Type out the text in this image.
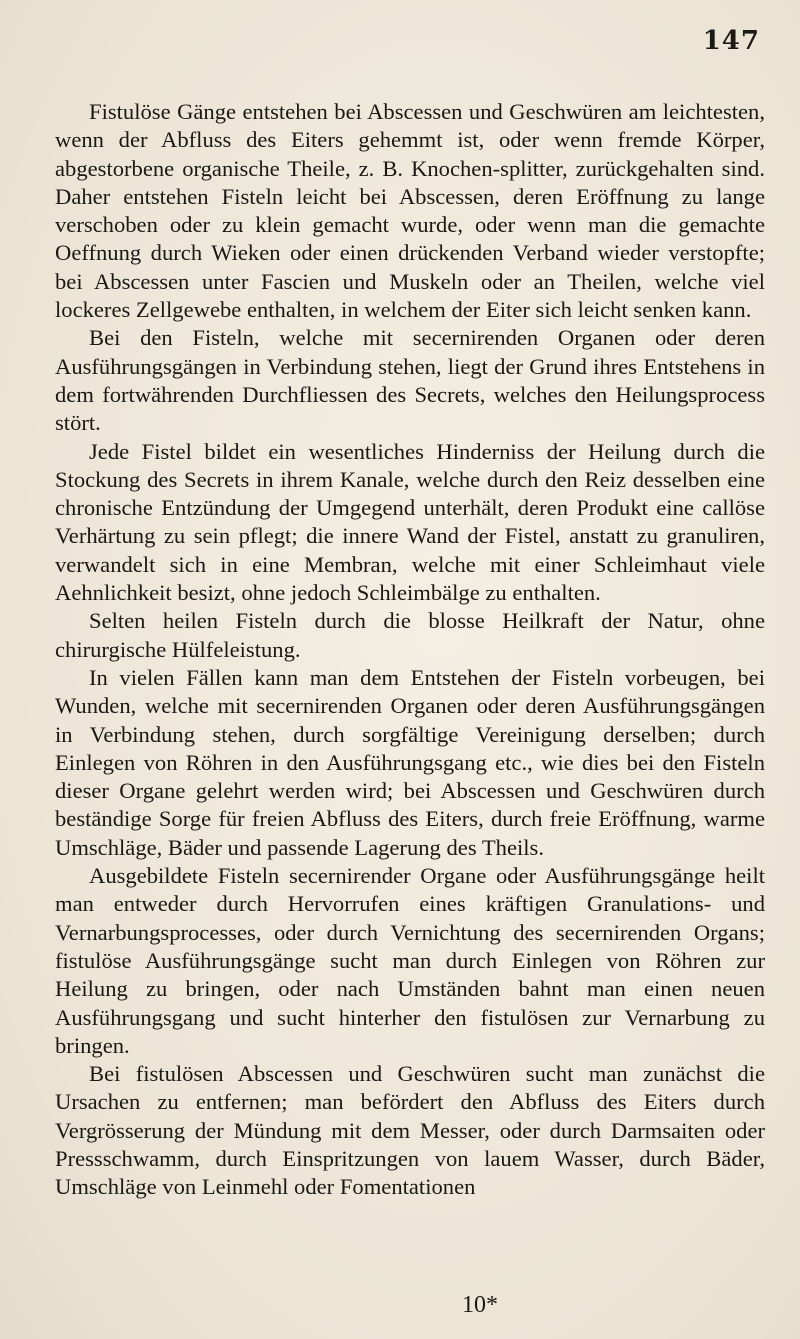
147

Fistulöse Gänge entstehen bei Abscessen und Geschwüren am leichtesten, wenn der Abfluss des Eiters gehemmt ist, oder wenn fremde Körper, abgestorbene organische Theile, z. B. Knochen-splitter, zurückgehalten sind. Daher entstehen Fisteln leicht bei Abscessen, deren Eröffnung zu lange verschoben oder zu klein gemacht wurde, oder wenn man die gemachte Oeffnung durch Wieken oder einen drückenden Verband wieder verstopfte; bei Abscessen unter Fascien und Muskeln oder an Theilen, welche viel lockeres Zellgewebe enthalten, in welchem der Eiter sich leicht senken kann.

Bei den Fisteln, welche mit secernirenden Organen oder deren Ausführungsgängen in Verbindung stehen, liegt der Grund ihres Entstehens in dem fortwährenden Durchfliessen des Secrets, welches den Heilungsprocess stört.

Jede Fistel bildet ein wesentliches Hinderniss der Heilung durch die Stockung des Secrets in ihrem Kanale, welche durch den Reiz desselben eine chronische Entzündung der Umgegend unterhält, deren Produkt eine callöse Verhärtung zu sein pflegt; die innere Wand der Fistel, anstatt zu granuliren, verwandelt sich in eine Membran, welche mit einer Schleimhaut viele Aehnlichkeit besizt, ohne jedoch Schleimbälge zu enthalten.

Selten heilen Fisteln durch die blosse Heilkraft der Natur, ohne chirurgische Hülfeleistung.

In vielen Fällen kann man dem Entstehen der Fisteln vorbeugen, bei Wunden, welche mit secernirenden Organen oder deren Ausführungsgängen in Verbindung stehen, durch sorgfältige Vereinigung derselben; durch Einlegen von Röhren in den Ausführungsgang etc., wie dies bei den Fisteln dieser Organe gelehrt werden wird; bei Abscessen und Geschwüren durch beständige Sorge für freien Abfluss des Eiters, durch freie Eröffnung, warme Umschläge, Bäder und passende Lagerung des Theils.

Ausgebildete Fisteln secernirender Organe oder Ausführungsgänge heilt man entweder durch Hervorrufen eines kräftigen Granulations- und Vernarbungsprocesses, oder durch Vernichtung des secernirenden Organs; fistulöse Ausführungsgänge sucht man durch Einlegen von Röhren zur Heilung zu bringen, oder nach Umständen bahnt man einen neuen Ausführungsgang und sucht hinterher den fistulösen zur Vernarbung zu bringen.

Bei fistulösen Abscessen und Geschwüren sucht man zunächst die Ursachen zu entfernen; man befördert den Abfluss des Eiters durch Vergrösserung der Mündung mit dem Messer, oder durch Darmsaiten oder Pressschwamm, durch Einspritzungen von lauem Wasser, durch Bäder, Umschläge von Leinmehl oder Fomentationen

10*
